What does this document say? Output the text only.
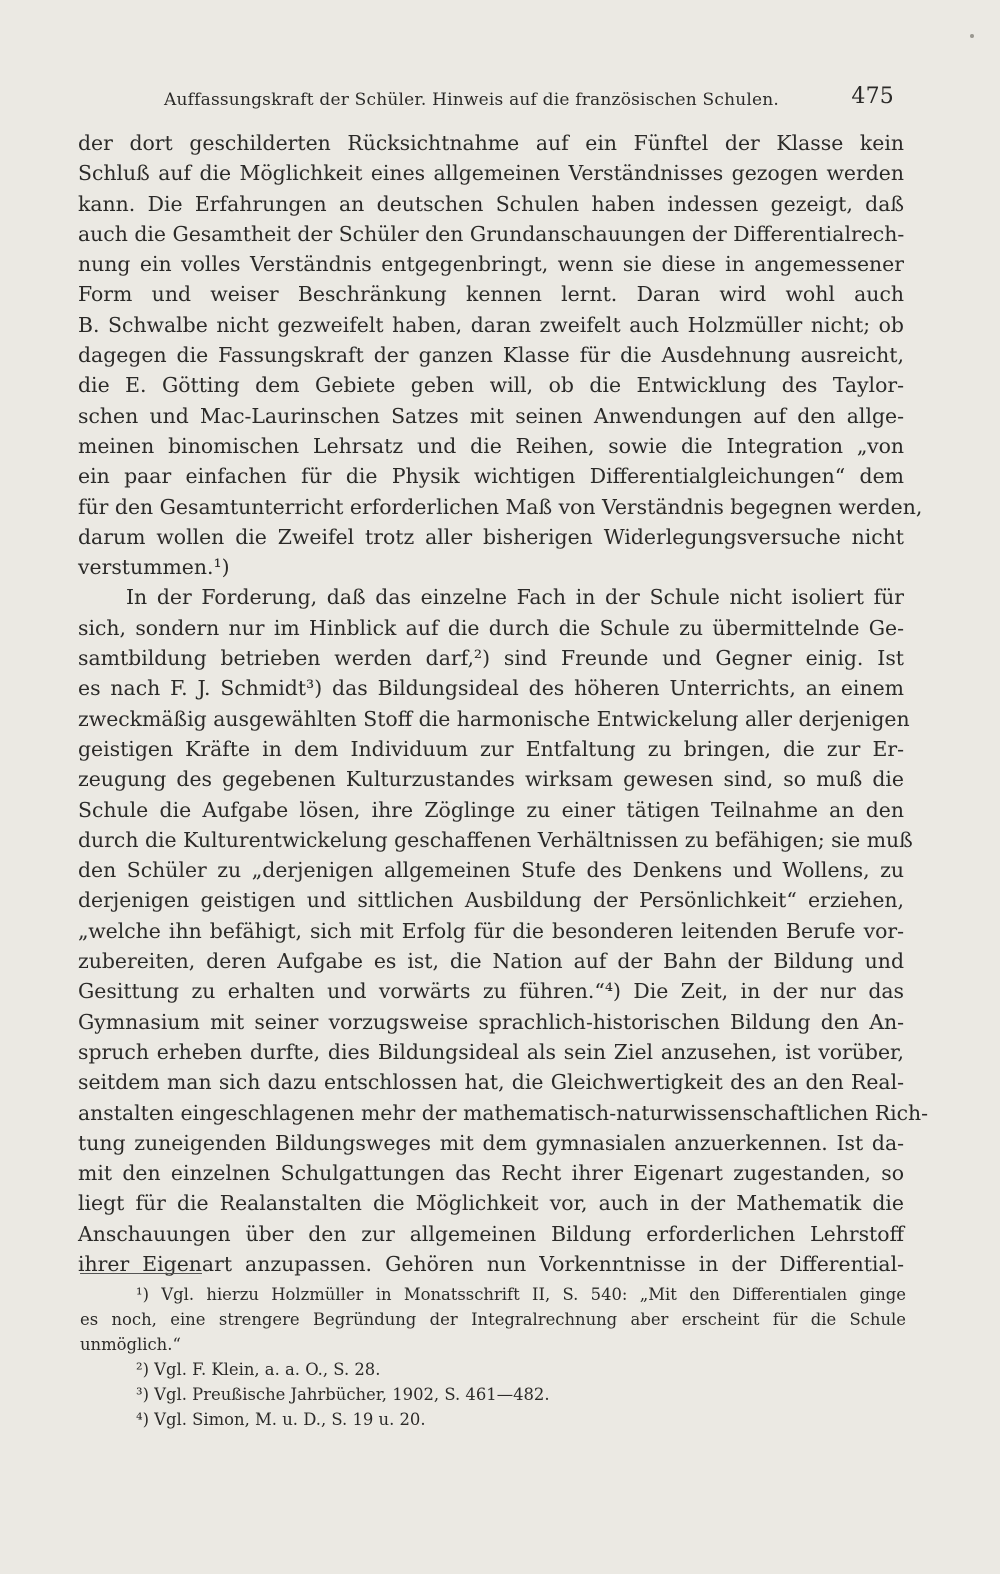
Auffassungskraft der Schüler. Hinweis auf die französischen Schulen.	475
der dort geschilderten Rücksichtnahme auf ein Fünftel der Klasse kein
Schluß auf die Möglichkeit eines allgemeinen Verständnisses gezogen werden
kann. Die Erfahrungen an deutschen Schulen haben indessen gezeigt, daß
auch die Gesamtheit der Schüler den Grundanschauungen der Differentialrech-
nung ein volles Verständnis entgegenbringt, wenn sie diese in angemessener
Form und weiser Beschränkung kennen lernt. Daran wird wohl auch
B. Schwalbe nicht gezweifelt haben, daran zweifelt auch Holzmüller nicht; ob
dagegen die Fassungskraft der ganzen Klasse für die Ausdehnung ausreicht,
die E. Götting dem Gebiete geben will, ob die Entwicklung des Taylor-
schen und Mac-Laurinschen Satzes mit seinen Anwendungen auf den allge-
meinen binomischen Lehrsatz und die Reihen, sowie die Integration „von
ein paar einfachen für die Physik wichtigen Differentialgleichungen“ dem
für den Gesamtunterricht erforderlichen Maß von Verständnis begegnen werden,
darum wollen die Zweifel trotz aller bisherigen Widerlegungsversuche nicht
verstummen.¹)
In der Forderung, daß das einzelne Fach in der Schule nicht isoliert für
sich, sondern nur im Hinblick auf die durch die Schule zu übermittelnde Ge-
samtbildung betrieben werden darf,²) sind Freunde und Gegner einig. Ist
es nach F. J. Schmidt³) das Bildungsideal des höheren Unterrichts, an einem
zweckmäßig ausgewählten Stoff die harmonische Entwickelung aller derjenigen
geistigen Kräfte in dem Individuum zur Entfaltung zu bringen, die zur Er-
zeugung des gegebenen Kulturzustandes wirksam gewesen sind, so muß die
Schule die Aufgabe lösen, ihre Zöglinge zu einer tätigen Teilnahme an den
durch die Kulturentwickelung geschaffenen Verhältnissen zu befähigen; sie muß
den Schüler zu „derjenigen allgemeinen Stufe des Denkens und Wollens, zu
derjenigen geistigen und sittlichen Ausbildung der Persönlichkeit“ erziehen,
„welche ihn befähigt, sich mit Erfolg für die besonderen leitenden Berufe vor-
zubereiten, deren Aufgabe es ist, die Nation auf der Bahn der Bildung und
Gesittung zu erhalten und vorwärts zu führen.“⁴) Die Zeit, in der nur das
Gymnasium mit seiner vorzugsweise sprachlich-historischen Bildung den An-
spruch erheben durfte, dies Bildungsideal als sein Ziel anzusehen, ist vorüber,
seitdem man sich dazu entschlossen hat, die Gleichwertigkeit des an den Real-
anstalten eingeschlagenen mehr der mathematisch-naturwissenschaftlichen Rich-
tung zuneigenden Bildungsweges mit dem gymnasialen anzuerkennen. Ist da-
mit den einzelnen Schulgattungen das Recht ihrer Eigenart zugestanden, so
liegt für die Realanstalten die Möglichkeit vor, auch in der Mathematik die
Anschauungen über den zur allgemeinen Bildung erforderlichen Lehrstoff
ihrer Eigenart anzupassen. Gehören nun Vorkenntnisse in der Differential-
¹) Vgl. hierzu Holzmüller in Monatsschrift II, S. 540: „Mit den Differentialen ginge
es noch, eine strengere Begründung der Integralrechnung aber erscheint für die Schule
unmöglich.“
²) Vgl. F. Klein, a. a. O., S. 28.
³) Vgl. Preußische Jahrbücher, 1902, S. 461—482.
⁴) Vgl. Simon, M. u. D., S. 19 u. 20.
